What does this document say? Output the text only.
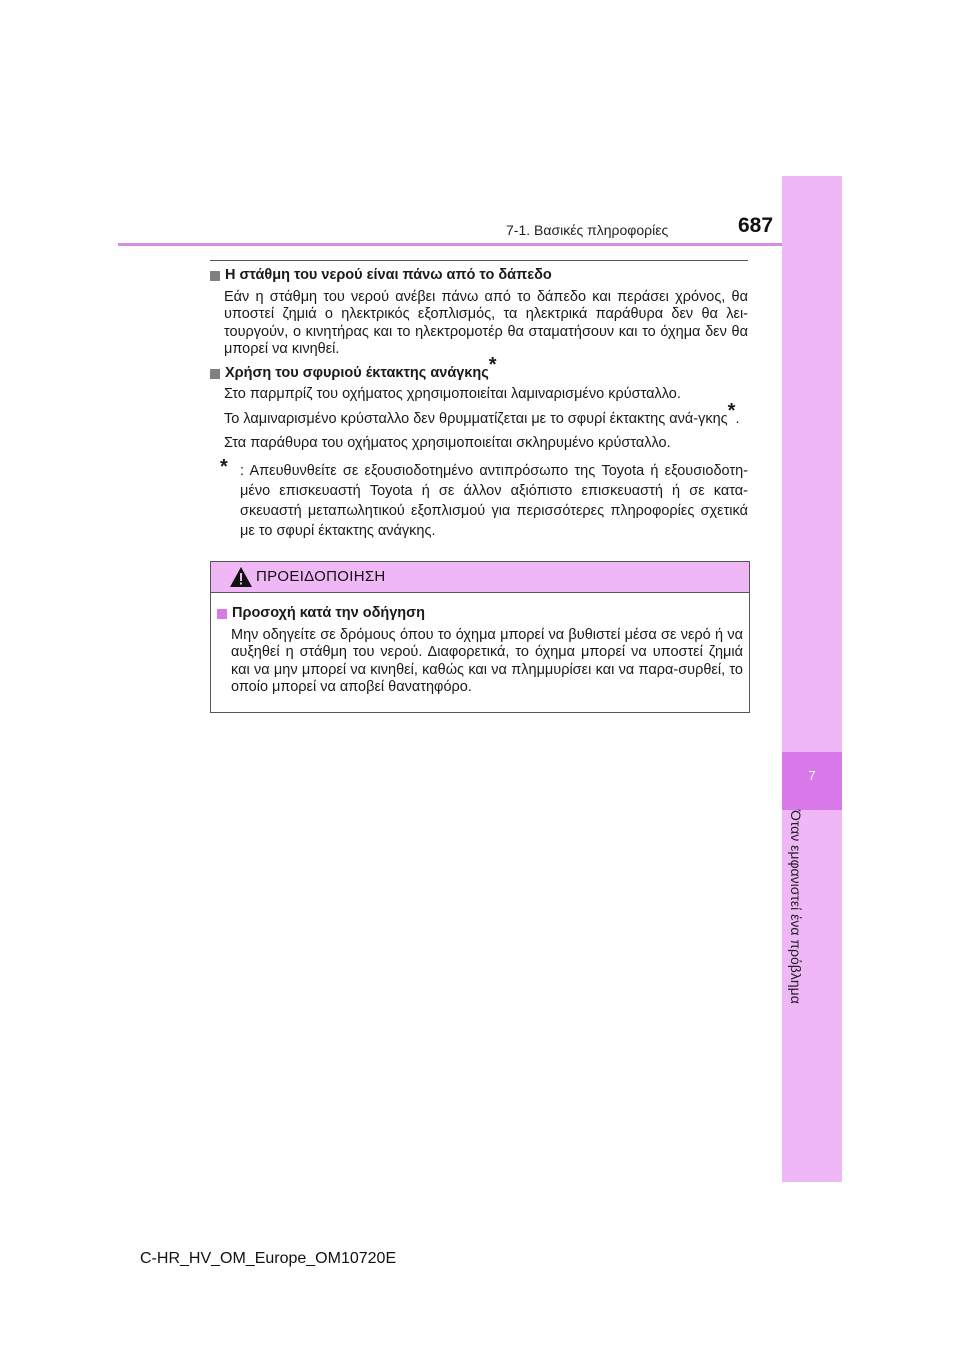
7
Όταν εμφανιστεί ένα πρόβλημα
7-1. Βασικές πληροφορίες	687
Η στάθμη του νερού είναι πάνω από το δάπεδο
Εάν η στάθμη του νερού ανέβει πάνω από το δάπεδο και περάσει χρόνος, θα υποστεί ζημιά ο ηλεκτρικός εξοπλισμός, τα ηλεκτρικά παράθυρα δεν θα λει-τουργούν, ο κινητήρας και το ηλεκτρομοτέρ θα σταματήσουν και το όχημα δεν θα μπορεί να κινηθεί.
Χρήση του σφυριού έκτακτης ανάγκης*
Στο παρμπρίζ του οχήματος χρησιμοποιείται λαμιναρισμένο κρύσταλλο.
Το λαμιναρισμένο κρύσταλλο δεν θρυμματίζεται με το σφυρί έκτακτης ανά-γκης*.
Στα παράθυρα του οχήματος χρησιμοποιείται σκληρυμένο κρύσταλλο.
* : Απευθυνθείτε σε εξουσιοδοτημένο αντιπρόσωπο της Toyota ή εξουσιοδοτη-μένο επισκευαστή Toyota ή σε άλλον αξιόπιστο επισκευαστή ή σε κατα-σκευαστή μεταπωλητικού εξοπλισμού για περισσότερες πληροφορίες σχετικά με το σφυρί έκτακτης ανάγκης.
ΠΡΟΕΙΔΟΠΟΙΗΣΗ
Προσοχή κατά την οδήγηση
Μην οδηγείτε σε δρόμους όπου το όχημα μπορεί να βυθιστεί μέσα σε νερό ή να αυξηθεί η στάθμη του νερού. Διαφορετικά, το όχημα μπορεί να υποστεί ζημιά και να μην μπορεί να κινηθεί, καθώς και να πλημμυρίσει και να παρα-συρθεί, το οποίο μπορεί να αποβεί θανατηφόρο.
C-HR_HV_OM_Europe_OM10720E
